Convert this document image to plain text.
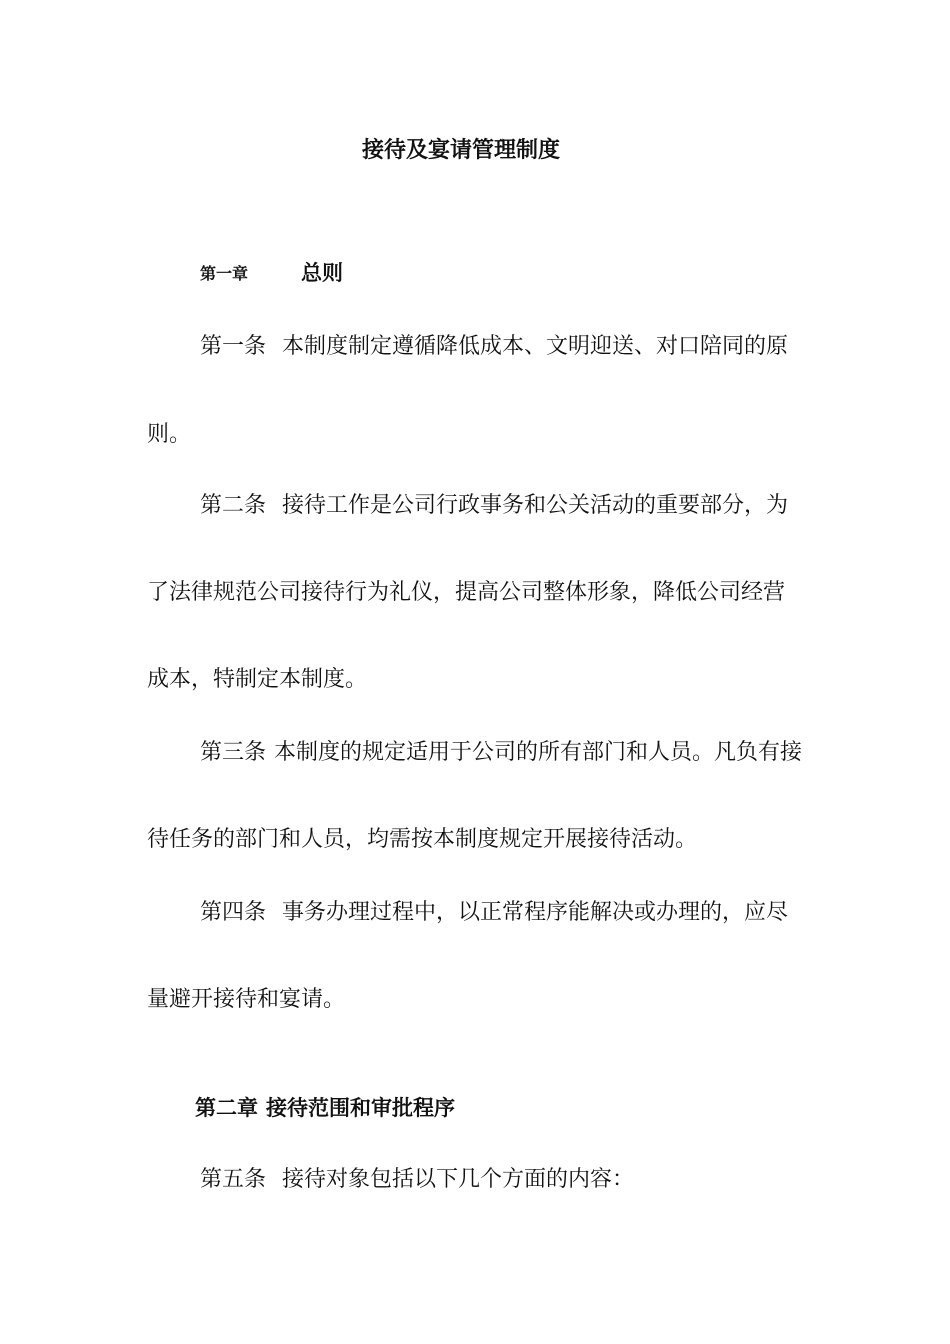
接待及宴请管理制度
第一章	总则
第一条 本制度制定遵循降低成本、文明迎送、对口陪同的原
则。
第二条 接待工作是公司行政事务和公关活动的重要部分，为
了法律规范公司接待行为礼仪，提高公司整体形象，降低公司经营
成本，特制定本制度。
第三条 本制度的规定适用于公司的所有部门和人员。凡负有接
待任务的部门和人员，均需按本制度规定开展接待活动。
第四条 事务办理过程中，以正常程序能解决或办理的，应尽
量避开接待和宴请。
第二章 接待范围和审批程序
第五条 接待对象包括以下几个方面的内容：
